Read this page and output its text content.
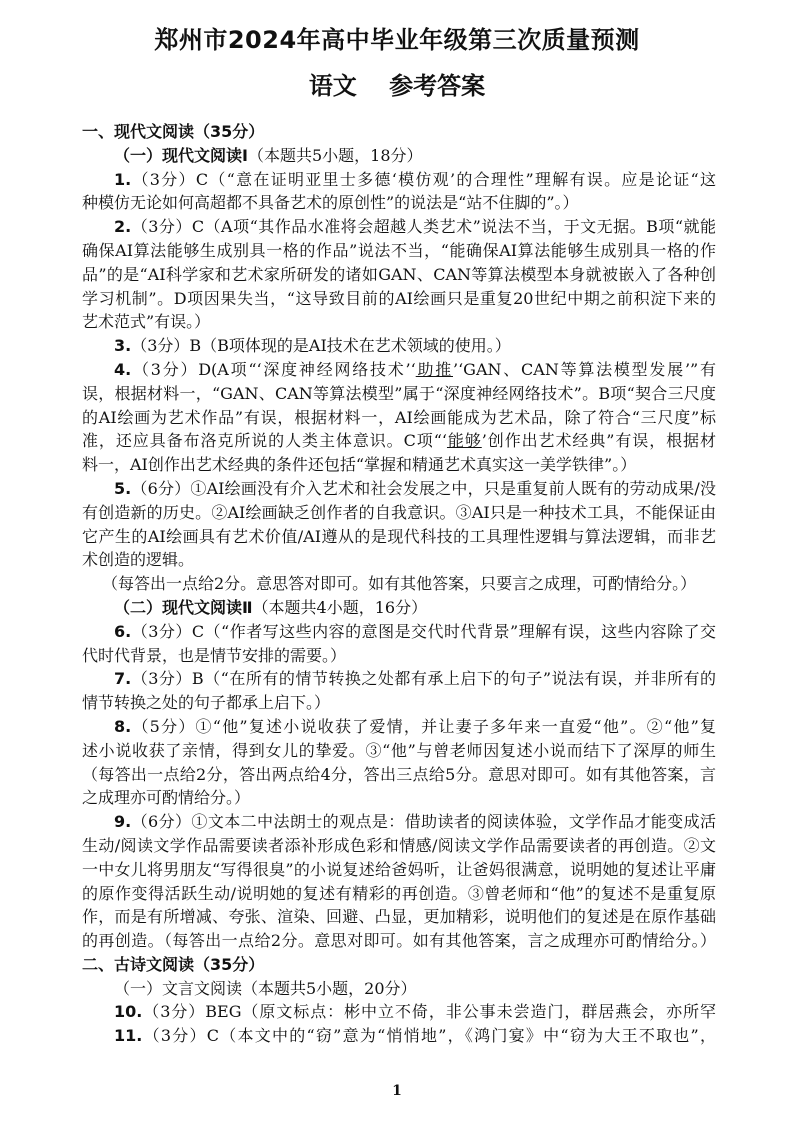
郑州市2024年高中毕业年级第三次质量预测
语文　 参考答案
一、现代文阅读（35分）
（一）现代文阅读Ⅰ（本题共5小题，18分）
1.（3分）C（“意在证明亚里士多德‘模仿观’的合理性”理解有误。应是论证“这
种模仿无论如何高超都不具备艺术的原创性”的说法是“站不住脚的”。）
2.（3分）C（A项“其作品水准将会超越人类艺术”说法不当，于文无据。B项“就能
确保AI算法能够生成别具一格的作品”说法不当，“能确保AI算法能够生成别具一格的作
品”的是“AI科学家和艺术家所研发的诸如GAN、CAN等算法模型本身就被嵌入了各种创
学习机制”。D项因果失当，“这导致目前的AI绘画只是重复20世纪中期之前积淀下来的
艺术范式”有误。）
3.（3分）B（B项体现的是AI技术在艺术领域的使用。）
4.（3分）D(A项“‘深度神经网络技术’‘助推’‘GAN、CAN等算法模型发展’”有
误，根据材料一，“GAN、CAN等算法模型”属于“深度神经网络技术”。B项“契合三尺度
的AI绘画为艺术作品”有误，根据材料一，AI绘画能成为艺术品，除了符合“三尺度”标
准，还应具备布洛克所说的人类主体意识。C项“‘能够’创作出艺术经典”有误，根据材
料一，AI创作出艺术经典的条件还包括“掌握和精通艺术真实这一美学铁律”。）
5.（6分）①AI绘画没有介入艺术和社会发展之中，只是重复前人既有的劳动成果/没
有创造新的历史。②AI绘画缺乏创作者的自我意识。③AI只是一种技术工具，不能保证由
它产生的AI绘画具有艺术价值/AI遵从的是现代科技的工具理性逻辑与算法逻辑，而非艺
术创造的逻辑。
（每答出一点给2分。意思答对即可。如有其他答案，只要言之成理，可酌情给分。）
（二）现代文阅读Ⅱ（本题共4小题，16分）
6.（3分）C（“作者写这些内容的意图是交代时代背景”理解有误，这些内容除了交
代时代背景，也是情节安排的需要。）
7.（3分）B（“在所有的情节转换之处都有承上启下的句子”说法有误，并非所有的
情节转换之处的句子都承上启下。）
8.（5分）①“他”复述小说收获了爱情，并让妻子多年来一直爱“他”。②“他”复
述小说收获了亲情，得到女儿的挚爱。③“他”与曾老师因复述小说而结下了深厚的师生
（每答出一点给2分，答出两点给4分，答出三点给5分。意思对即可。如有其他答案，言
之成理亦可酌情给分。）
9.（6分）①文本二中法朗士的观点是：借助读者的阅读体验，文学作品才能变成活
生动/阅读文学作品需要读者添补形成色彩和情感/阅读文学作品需要读者的再创造。②文
一中女儿将男朋友“写得很臭”的小说复述给爸妈听，让爸妈很满意，说明她的复述让平庸
的原作变得活跃生动/说明她的复述有精彩的再创造。③曾老师和“他”的复述不是重复原
作，而是有所增减、夸张、渲染、回避、凸显，更加精彩，说明他们的复述是在原作基础
的再创造。（每答出一点给2分。意思对即可。如有其他答案，言之成理亦可酌情给分。）
二、古诗文阅读（35分）
（一）文言文阅读（本题共5小题，20分）
10.（3分）BEG（原文标点：彬中立不倚，非公事未尝造门，群居燕会，亦所罕
11.（3分）C（本文中的“窃”意为“悄悄地”，《鸿门宴》中“窃为大王不取也”，
1
